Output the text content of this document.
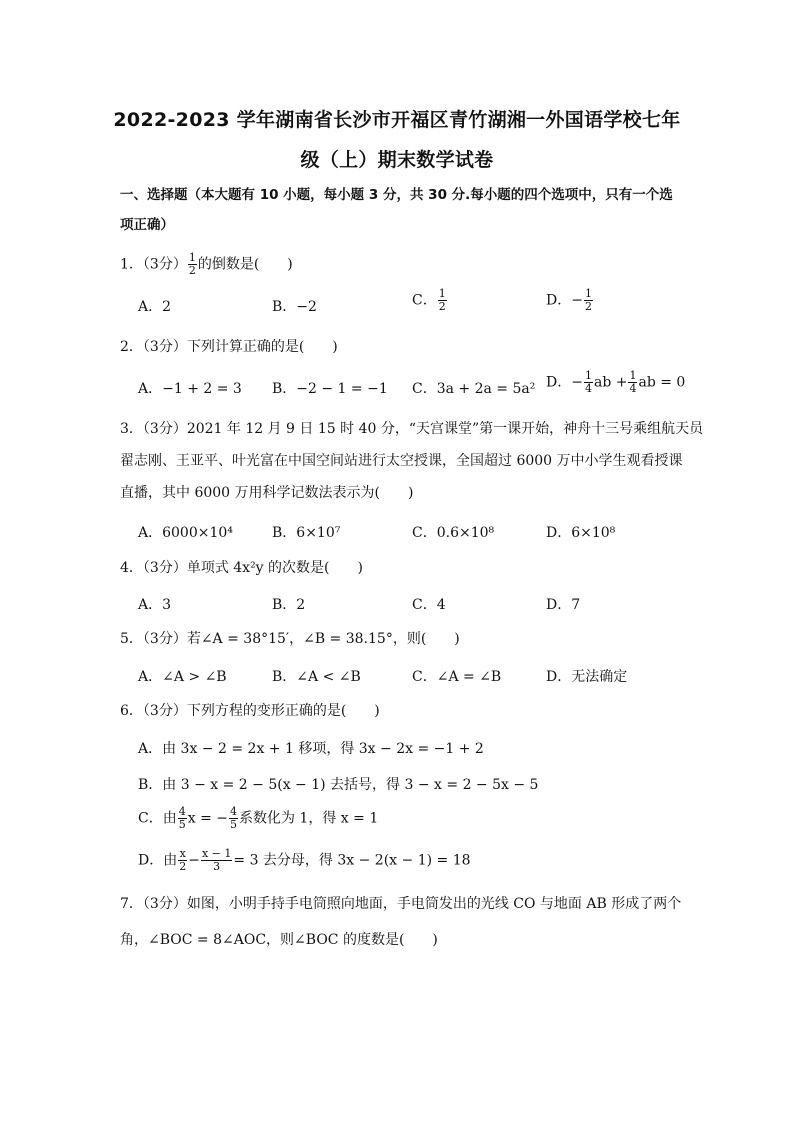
2022-2023 学年湖南省长沙市开福区青竹湖湘一外国语学校七年
级（上）期末数学试卷
一、选择题（本大题有 10 小题，每小题 3 分，共 30 分.每小题的四个选项中，只有一个选
项正确）
1．（3分） $\frac{1}{2}$ 的倒数是(　　)
A．2	B．−2	C． $\frac{1}{2}$	D．− $\frac{1}{2}$
2．（3分）下列计算正确的是(　　)
A．−1 + 2 = 3 B．−2 − 1 = −1 C．3a + 2a = 5a² D．− $\frac{1}{4}$ ab + $\frac{1}{4}$ ab = 0
3．（3分）2021 年 12 月 9 日 15 时 40 分，“天宫课堂”第一课开始，神舟十三号乘组航天员
翟志刚、王亚平、叶光富在中国空间站进行太空授课，全国超过 6000 万中小学生观看授课
直播，其中 6000 万用科学记数法表示为(　　)
A．6000×10⁴	B．6×10⁷	C．0.6×10⁸	D．6×10⁸
4．（3分）单项式 4x²y 的次数是(　　)
A．3	B．2	C．4	D．7
5．（3分）若∠A = 38°15′，∠B = 38.15°，则(　　)
A．∠A > ∠B	B．∠A < ∠B	C．∠A = ∠B	D．无法确定
6．（3分）下列方程的变形正确的是(　　)
A．由 3x − 2 = 2x + 1 移项，得 3x − 2x = −1 + 2
B．由 3 − x = 2 − 5(x − 1) 去括号，得 3 − x = 2 − 5x − 5
C．由 $\frac{4}{5}$ x = − $\frac{4}{5}$ 系数化为 1，得 x = 1
D．由 $\frac{x}{2} - \frac{x - 1}{3} = 3$ 去分母，得 3x − 2(x − 1) = 18
7．（3分）如图，小明手持手电筒照向地面，手电筒发出的光线 CO 与地面 AB 形成了两个
角，∠BOC = 8∠AOC，则∠BOC 的度数是(　　)
